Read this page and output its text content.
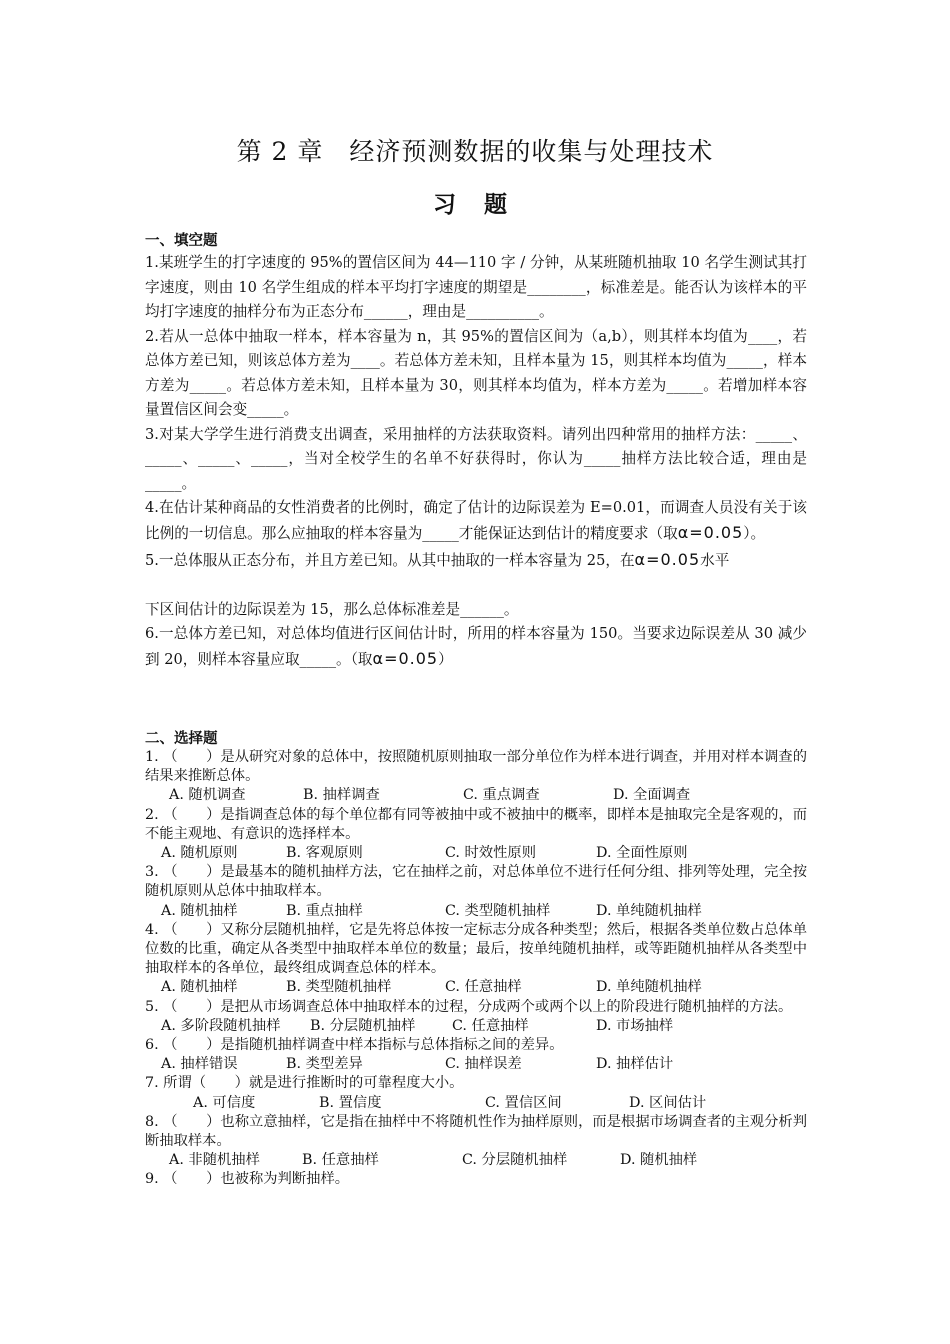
第 2 章　经济预测数据的收集与处理技术
习 题
一、填空题

1.某班学生的打字速度的 95%的置信区间为 44—110 字 / 分钟，从某班随机抽取 10 名学生测试其打字速度，则由 10 名学生组成的样本平均打字速度的期望是________，标准差是。能否认为该样本的平均打字速度的抽样分布为正态分布______，理由是__________。

2.若从一总体中抽取一样本，样本容量为 n，其 95%的置信区间为（a,b），则其样本均值为____，若总体方差已知，则该总体方差为____。若总体方差未知，且样本量为 15，则其样本均值为_____，样本方差为_____。若总体方差未知，且样本量为 30，则其样本均值为，样本方差为_____。若增加样本容量置信区间会变_____。

3.对某大学学生进行消费支出调查，采用抽样的方法获取资料。请列出四种常用的抽样方法：_____、_____、_____、_____，当对全校学生的名单不好获得时，你认为_____抽样方法比较合适，理由是_____。

4.在估计某种商品的女性消费者的比例时，确定了估计的边际误差为 E=0.01，而调查人员没有关于该比例的一切信息。那么应抽取的样本容量为_____才能保证达到估计的精度要求（取α=0.05）。

5.一总体服从正态分布，并且方差已知。从其中抽取的一样本容量为 25，在α=0.05水平

下区间估计的边际误差为 15，那么总体标准差是______。

6.一总体方差已知，对总体均值进行区间估计时，所用的样本容量为 150。当要求边际误差从 30 减少到 20，则样本容量应取_____。（取α=0.05）

二、选择题

1. （　　）是从研究对象的总体中，按照随机原则抽取一部分单位作为样本进行调查，并用对样本调查的结果来推断总体。

A. 随机调查	B. 抽样调查	C. 重点调查	D. 全面调查

2. （　　）是指调查总体的每个单位都有同等被抽中或不被抽中的概率，即样本是抽取完全是客观的，而不能主观地、有意识的选择样本。

A. 随机原则	B. 客观原则	C. 时效性原则	D. 全面性原则

3. （　　）是最基本的随机抽样方法，它在抽样之前，对总体单位不进行任何分组、排列等处理，完全按随机原则从总体中抽取样本。

A. 随机抽样	B. 重点抽样	C. 类型随机抽样	D. 单纯随机抽样

4. （　　）又称分层随机抽样，它是先将总体按一定标志分成各种类型；然后，根据各类单位数占总体单位数的比重，确定从各类型中抽取样本单位的数量；最后，按单纯随机抽样，或等距随机抽样从各类型中抽取样本的各单位，最终组成调查总体的样本。

A. 随机抽样	B. 类型随机抽样	C. 任意抽样	D. 单纯随机抽样

5. （　　）是把从市场调查总体中抽取样本的过程，分成两个或两个以上的阶段进行随机抽样的方法。

A. 多阶段随机抽样	B. 分层随机抽样	C. 任意抽样	D. 市场抽样

6. （　　）是指随机抽样调查中样本指标与总体指标之间的差异。

A. 抽样错误	B. 类型差异	C. 抽样误差	D. 抽样估计

7. 所谓（　　）就是进行推断时的可靠程度大小。

A. 可信度	B. 置信度	C. 置信区间	D. 区间估计

8. （　　）也称立意抽样，它是指在抽样中不将随机性作为抽样原则，而是根据市场调查者的主观分析判断抽取样本。

A. 非随机抽样	B. 任意抽样	C. 分层随机抽样	D. 随机抽样

9. （　　）也被称为判断抽样。
